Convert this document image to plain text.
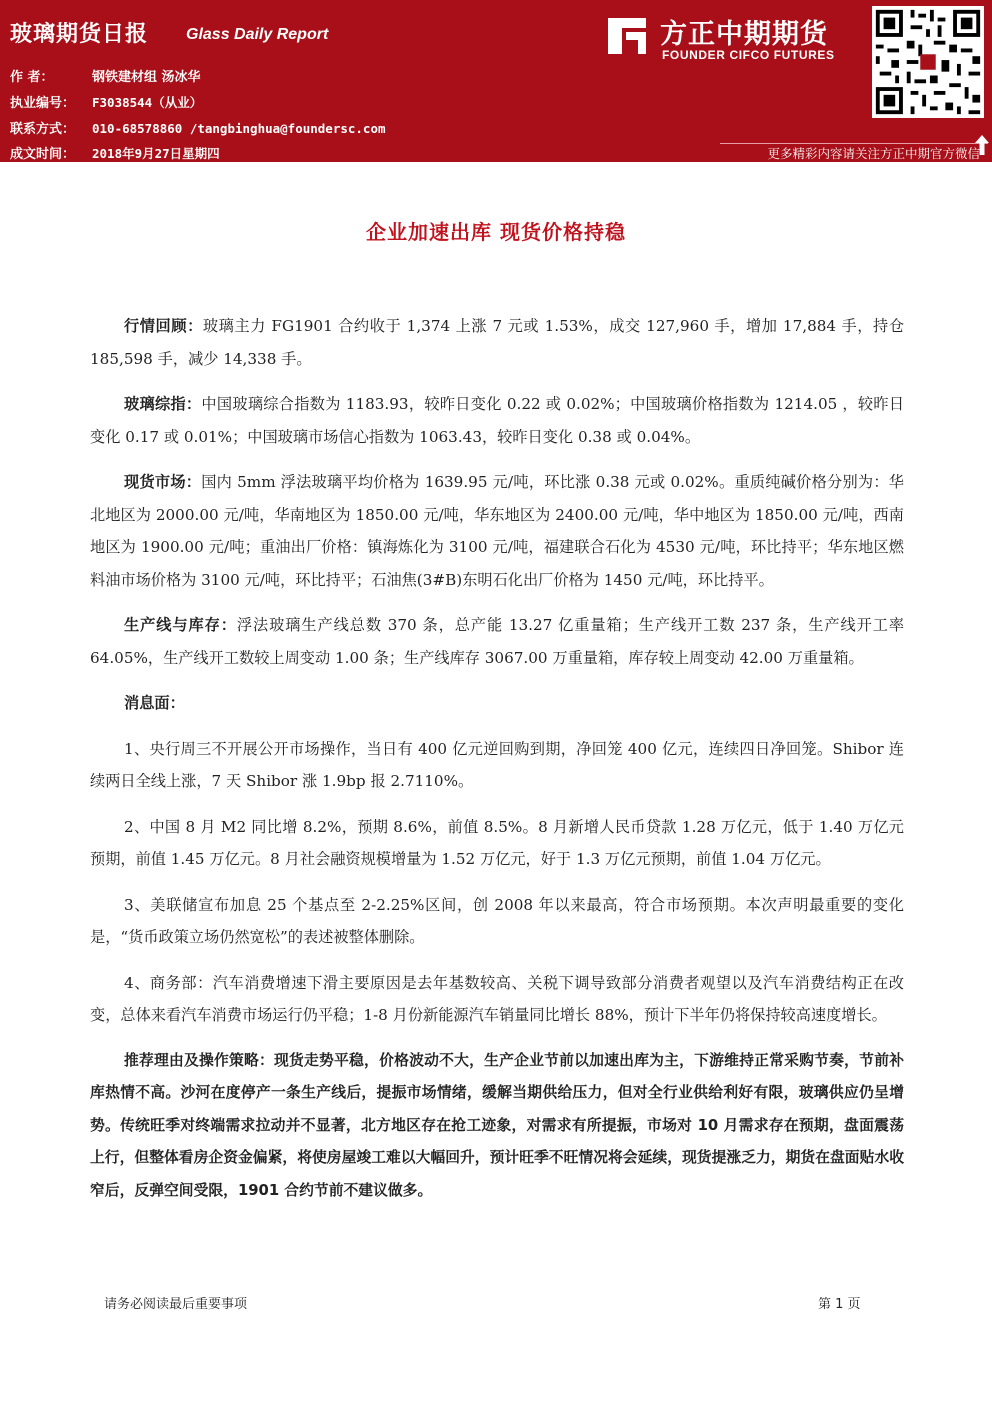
玻璃期货日报 Glass Daily Report
作 者：	钢铁建材组 汤冰华
执业编号： F3038544（从业）
联系方式： 010-68578860 /tangbinghua@foundersc.com
成文时间： 2018年9月27日星期四
方正中期期货
FOUNDER CIFCO FUTURES
更多精彩内容请关注方正中期官方微信
企业加速出库 现货价格持稳

行情回顾：玻璃主力 FG1901 合约收于 1,374 上涨 7 元或 1.53%，成交 127,960 手，增加 17,884 手，持仓 185,598 手，减少 14,338 手。

玻璃综指：中国玻璃综合指数为 1183.93，较昨日变化 0.22 或 0.02%；中国玻璃价格指数为 1214.05 ，较昨日变化 0.17 或 0.01%；中国玻璃市场信心指数为 1063.43，较昨日变化 0.38 或 0.04%。

现货市场：国内 5mm 浮法玻璃平均价格为 1639.95 元/吨，环比涨 0.38 元或 0.02%。重质纯碱价格分别为：华北地区为 2000.00 元/吨，华南地区为 1850.00 元/吨，华东地区为 2400.00 元/吨，华中地区为 1850.00 元/吨，西南地区为 1900.00 元/吨；重油出厂价格：镇海炼化为 3100 元/吨，福建联合石化为 4530 元/吨，环比持平；华东地区燃料油市场价格为 3100 元/吨，环比持平；石油焦(3#B)东明石化出厂价格为 1450 元/吨，环比持平。

生产线与库存：浮法玻璃生产线总数 370 条，总产能 13.27 亿重量箱；生产线开工数 237 条，生产线开工率 64.05%，生产线开工数较上周变动 1.00 条；生产线库存 3067.00 万重量箱，库存较上周变动 42.00 万重量箱。

消息面：

1、央行周三不开展公开市场操作，当日有 400 亿元逆回购到期，净回笼 400 亿元，连续四日净回笼。Shibor 连续两日全线上涨，7 天 Shibor 涨 1.9bp 报 2.7110%。

2、中国 8 月 M2 同比增 8.2%，预期 8.6%，前值 8.5%。8 月新增人民币贷款 1.28 万亿元，低于 1.40 万亿元预期，前值 1.45 万亿元。8 月社会融资规模增量为 1.52 万亿元，好于 1.3 万亿元预期，前值 1.04 万亿元。

3、美联储宣布加息 25 个基点至 2-2.25%区间，创 2008 年以来最高，符合市场预期。本次声明最重要的变化是，“货币政策立场仍然宽松”的表述被整体删除。

4、商务部：汽车消费增速下滑主要原因是去年基数较高、关税下调导致部分消费者观望以及汽车消费结构正在改变，总体来看汽车消费市场运行仍平稳；1-8 月份新能源汽车销量同比增长 88%，预计下半年仍将保持较高速度增长。

推荐理由及操作策略：现货走势平稳，价格波动不大，生产企业节前以加速出库为主，下游维持正常采购节奏，节前补库热情不高。沙河在度停产一条生产线后，提振市场情绪，缓解当期供给压力，但对全行业供给利好有限，玻璃供应仍呈增势。传统旺季对终端需求拉动并不显著，北方地区存在抢工迹象，对需求有所提振，市场对 10 月需求存在预期，盘面震荡上行，但整体看房企资金偏紧，将使房屋竣工难以大幅回升，预计旺季不旺情况将会延续，现货提涨乏力，期货在盘面贴水收窄后，反弹空间受限，1901 合约节前不建议做多。

请务必阅读最后重要事项	第 1 页
